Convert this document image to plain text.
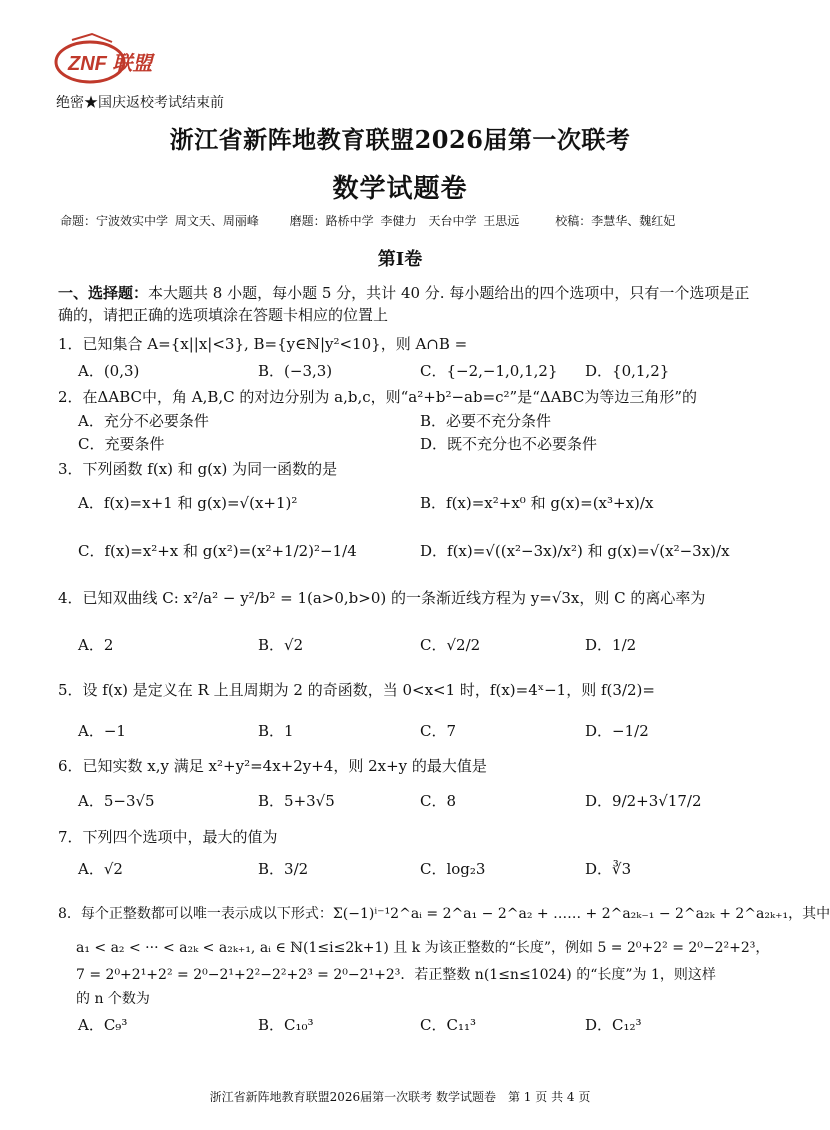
ZNF 联盟
绝密★国庆返校考试结束前
浙江省新阵地教育联盟2026届第一次联考
数学试题卷
命题：宁波效实中学 周文天、周丽峰　　 磨题：路桥中学 李健力　天台中学 王思远　　　校稿：李慧华、魏红妃
第Ⅰ卷
一、选择题：本大题共 8 小题，每小题 5 分，共计 40 分. 每小题给出的四个选项中，只有一个选项是正确的，请把正确的选项填涂在答题卡相应的位置上
1．已知集合 A={x||x|<3}, B={y∈ℕ|y²<10}，则 A∩B =
A．(0,3)	B．(−3,3)	C．{−2,−1,0,1,2} D．{0,1,2}
2．在ΔABC中，角 A,B,C 的对边分别为 a,b,c，则“a²+b²−ab=c²”是“ΔABC为等边三角形”的
A．充分不必要条件	B．必要不充分条件
C．充要条件	D．既不充分也不必要条件
3．下列函数 f(x) 和 g(x) 为同一函数的是
A．f(x)=x+1 和 g(x)=√(x+1)²	B．f(x)=x²+x⁰ 和 g(x)=(x³+x)/x
C．f(x)=x²+x 和 g(x²)=(x²+1/2)²−1/4	D．f(x)=√((x²−3x)/x²) 和 g(x)=√(x²−3x)/x
4．已知双曲线 C: x²/a² − y²/b² = 1(a>0,b>0) 的一条渐近线方程为 y=√3x，则 C 的离心率为
A．2	B．√2	C．√2/2	D．1/2
5．设 f(x) 是定义在 R 上且周期为 2 的奇函数，当 0<x<1 时，f(x)=4ˣ−1，则 f(3/2)=
A．−1	B．1	C．7	D．−1/2
6．已知实数 x,y 满足 x²+y²=4x+2y+4，则 2x+y 的最大值是
A．5−3√5	B．5+3√5	C．8	D．9/2+3√17/2
7．下列四个选项中，最大的值为
A．√2	B．3/2	C．log₂3	D．∛3
8．每个正整数都可以唯一表示成以下形式：Σ(−1)ⁱ⁻¹2^aᵢ = 2^a₁ − 2^a₂ + …… + 2^a₂ₖ₋₁ − 2^a₂ₖ + 2^a₂ₖ₊₁，其中
a₁ < a₂ < ··· < a₂ₖ < a₂ₖ₊₁, aᵢ ∈ ℕ(1≤i≤2k+1) 且 k 为该正整数的“长度”，例如 5 = 2⁰+2² = 2⁰−2²+2³，
7 = 2⁰+2¹+2² = 2⁰−2¹+2²−2²+2³ = 2⁰−2¹+2³．若正整数 n(1≤n≤1024) 的“长度”为 1，则这样
的 n 个数为
A．C₉³	B．C₁₀³	C．C₁₁³	D．C₁₂³
浙江省新阵地教育联盟2026届第一次联考 数学试题卷　第 1 页 共 4 页
